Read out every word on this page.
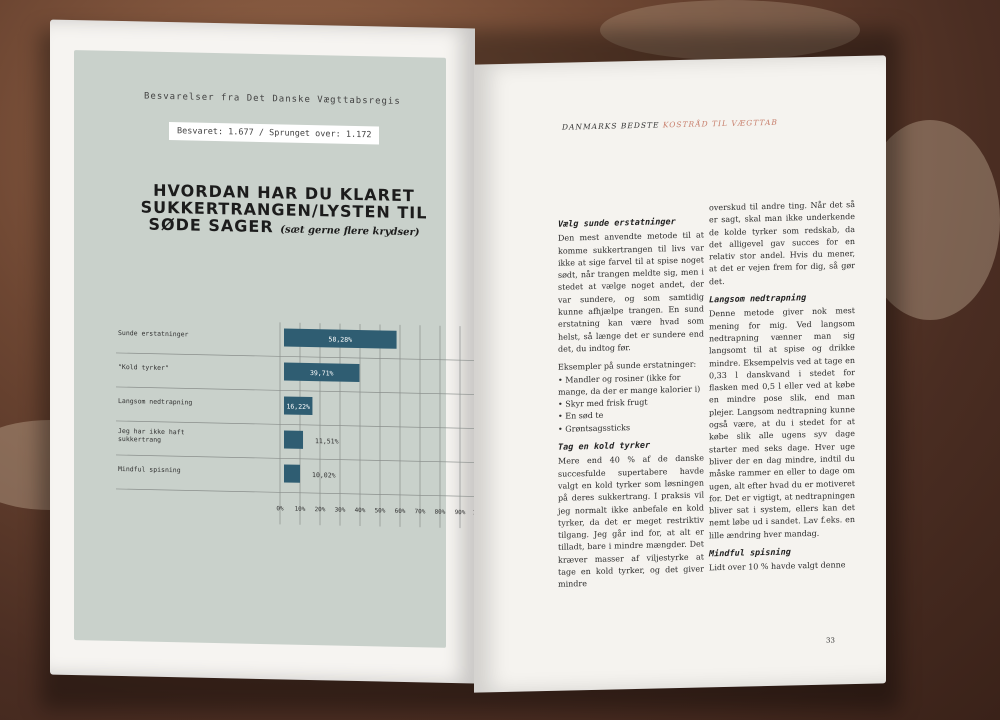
Besvarelser fra Det Danske Vægttabsregis
Besvaret: 1.677 / Sprunget over: 1.172
HVORDAN HAR DU KLARET SUKKERTRANGEN/LYSTEN TIL SØDE SAGER (sæt gerne flere krydser)
0% 10% 20% 30% 40% 50% 60% 70% 80% 90%
Sunde erstatninger
58,28%
"Kold tyrker"
39,71%
Langsom nedtrapning
16,22%
Jeg har ikke haft
sukkertrang	11,51%
Mindful spisning
10,02%
DANMARKS BEDSTE KOSTRÅD TIL VÆGTTAB
Vælg sunde erstatninger

Den mest anvendte metode til at komme sukkertrangen til livs var ikke at sige farvel til at spise noget sødt, når trangen meldte sig, men i stedet at vælge noget andet, der var sundere, og som samtidig kunne afhjælpe trangen. En sund erstatning kan være hvad som helst, så længe det er sundere end det, du indtog før.

Eksempler på sunde erstatninger:

• Mandler og rosiner (ikke for mange, da der er mange kalorier i)
• Skyr med frisk frugt
• En sød te
• Grøntsagssticks
Tag en kold tyrker

Mere end 40 % af de danske succesfulde supertabere havde valgt en kold tyrker som løsningen på deres sukkertrang. I praksis vil jeg normalt ikke anbefale en kold tyrker, da det er meget restriktiv tilgang. Jeg går ind for, at alt er tilladt, bare i mindre mængder. Det kræver masser af viljestyrke at tage en kold tyrker, og det giver mindre

overskud til andre ting. Når det så er sagt, skal man ikke underkende de kolde tyrker som redskab, da det alligevel gav succes for en relativ stor andel. Hvis du mener, at det er vejen frem for dig, så gør det.

Langsom nedtrapning

Denne metode giver nok mest mening for mig. Ved langsom nedtrapning vænner man sig langsomt til at spise og drikke mindre. Eksempelvis ved at tage en 0,33 l danskvand i stedet for flasken med 0,5 l eller ved at købe en mindre pose slik, end man plejer. Langsom nedtrapning kunne også være, at du i stedet for at købe slik alle ugens syv dage starter med seks dage. Hver uge bliver der en dag mindre, indtil du måske rammer en eller to dage om ugen, alt efter hvad du er motiveret for. Det er vigtigt, at nedtrapningen bliver sat i system, ellers kan det nemt løbe ud i sandet. Lav f.eks. en lille ændring hver mandag.

Mindful spisning

Lidt over 10 % havde valgt denne

33
